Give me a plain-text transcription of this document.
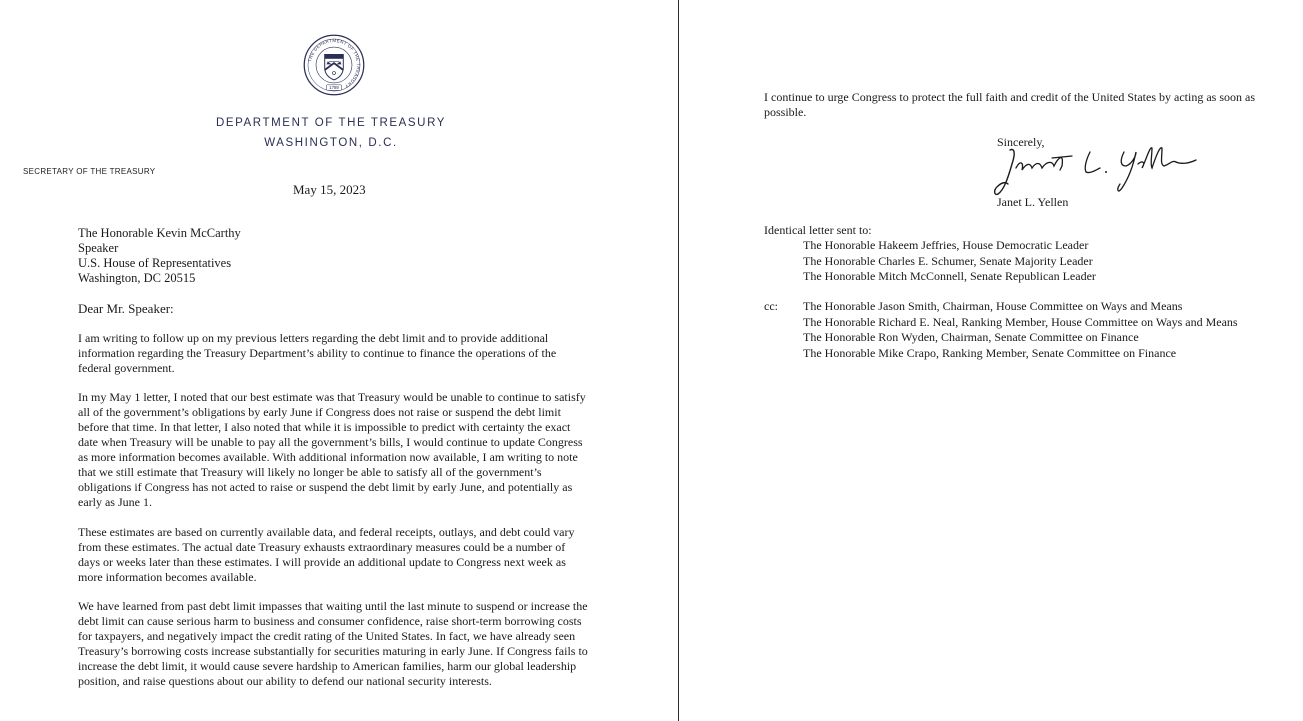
THE DEPARTMENT OF THE TREASURY
1789
DEPARTMENT OF THE TREASURY
WASHINGTON, D.C.
SECRETARY OF THE TREASURY
May 15, 2023
The Honorable Kevin McCarthy
Speaker
U.S. House of Representatives
Washington, DC 20515
Dear Mr. Speaker:
I am writing to follow up on my previous letters regarding the debt limit and to provide additional information regarding the Treasury Department’s ability to continue to finance the operations of the federal government.
In my May 1 letter, I noted that our best estimate was that Treasury would be unable to continue to satisfy all of the government’s obligations by early June if Congress does not raise or suspend the debt limit before that time. In that letter, I also noted that while it is impossible to predict with certainty the exact date when Treasury will be unable to pay all the government’s bills, I would continue to update Congress as more information becomes available. With additional information now available, I am writing to note that we still estimate that Treasury will likely no longer be able to satisfy all of the government’s obligations if Congress has not acted to raise or suspend the debt limit by early June, and potentially as early as June 1.
These estimates are based on currently available data, and federal receipts, outlays, and debt could vary from these estimates. The actual date Treasury exhausts extraordinary measures could be a number of days or weeks later than these estimates. I will provide an additional update to Congress next week as more information becomes available.
We have learned from past debt limit impasses that waiting until the last minute to suspend or increase the debt limit can cause serious harm to business and consumer confidence, raise short-term borrowing costs for taxpayers, and negatively impact the credit rating of the United States. In fact, we have already seen Treasury’s borrowing costs increase substantially for securities maturing in early June. If Congress fails to increase the debt limit, it would cause severe hardship to American families, harm our global leadership position, and raise questions about our ability to defend our national security interests.
I continue to urge Congress to protect the full faith and credit of the United States by acting as soon as possible.
Sincerely,
Janet L. Yellen
Identical letter sent to:
The Honorable Hakeem Jeffries, House Democratic Leader
The Honorable Charles E. Schumer, Senate Majority Leader
The Honorable Mitch McConnell, Senate Republican Leader
cc: The Honorable Jason Smith, Chairman, House Committee on Ways and Means
The Honorable Richard E. Neal, Ranking Member, House Committee on Ways and Means
The Honorable Ron Wyden, Chairman, Senate Committee on Finance
The Honorable Mike Crapo, Ranking Member, Senate Committee on Finance
